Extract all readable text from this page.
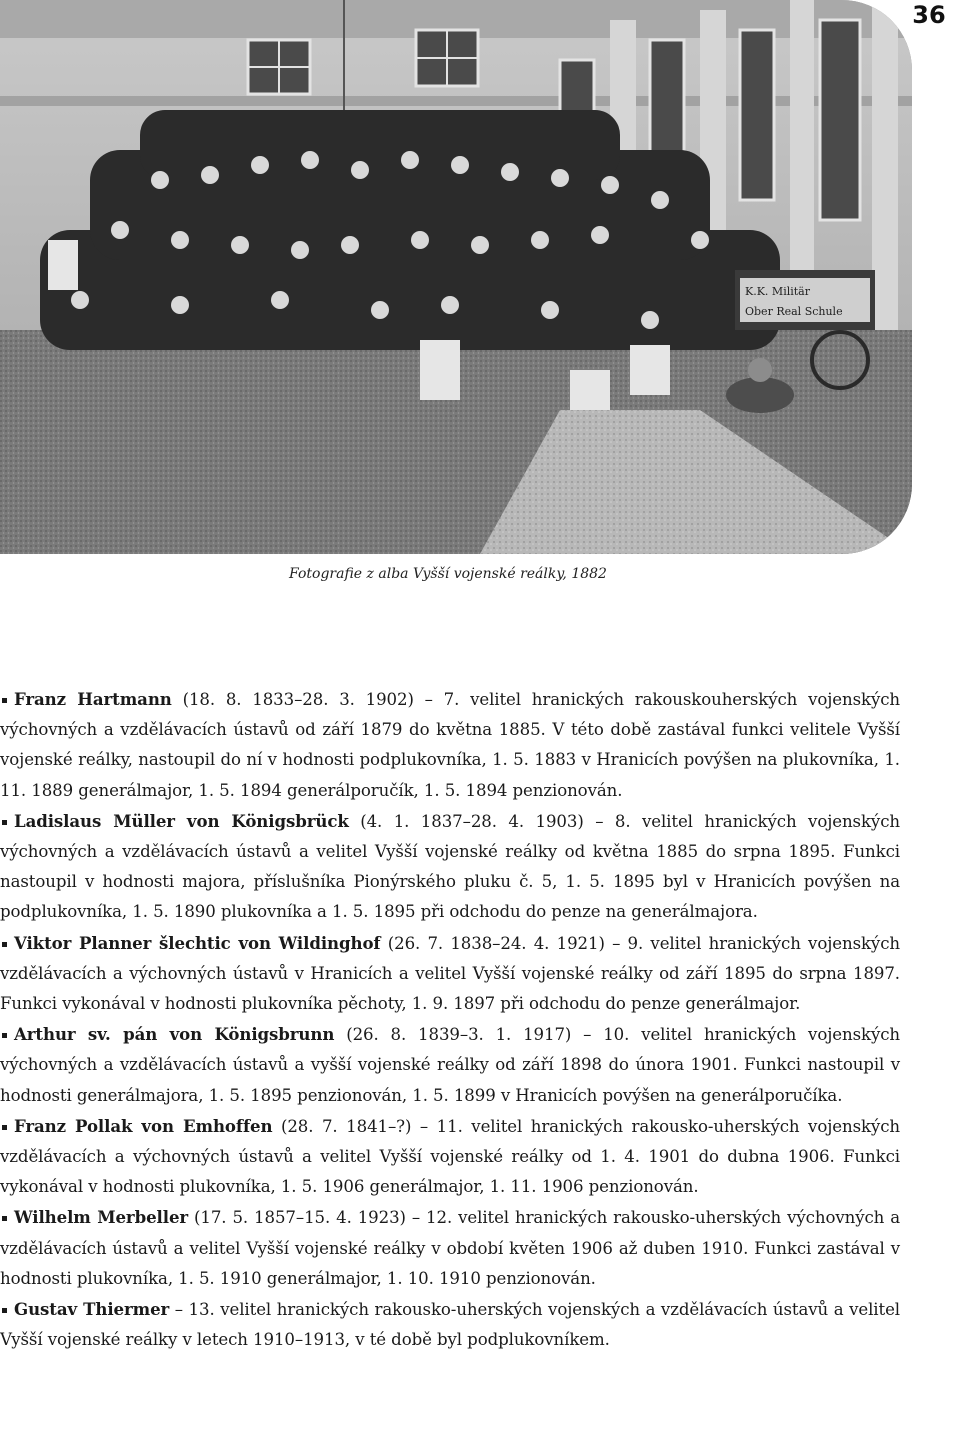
36
K.K. Militär
Ober Real Schule
Fotografie z alba Vyšší vojenské reálky, 1882

Franz Hartmann (18. 8. 1833–28. 3. 1902) – 7. velitel hranických rakouskouherských vojenských výchovných a vzdělávacích ústavů od září 1879 do května 1885. V této době zastával funkci velitele Vyšší vojenské reálky, nastoupil do ní v hodnosti podplukovníka, 1. 5. 1883 v Hranicích povýšen na plukovníka, 1. 11. 1889 generálmajor, 1. 5. 1894 generálporučík, 1. 5. 1894 penzionován.

Ladislaus Müller von Königsbrück (4. 1. 1837–28. 4. 1903) – 8. velitel hranických vojenských výchovných a vzdělávacích ústavů a velitel Vyšší vojenské reálky od května 1885 do srpna 1895. Funkci nastoupil v hodnosti majora, příslušníka Pionýrského pluku č. 5, 1. 5. 1895 byl v Hranicích povýšen na podplukovníka, 1. 5. 1890 plukovníka a 1. 5. 1895 při odchodu do penze na generálmajora.

Viktor Planner šlechtic von Wildinghof (26. 7. 1838–24. 4. 1921) – 9. velitel hranických vojenských vzdělávacích a výchovných ústavů v Hranicích a velitel Vyšší vojenské reálky od září 1895 do srpna 1897. Funkci vykonával v hodnosti plukovníka pěchoty, 1. 9. 1897 při odchodu do penze generálmajor.

Arthur sv. pán von Königsbrunn (26. 8. 1839–3. 1. 1917) – 10. velitel hranických vojenských výchovných a vzdělávacích ústavů a vyšší vojenské reálky od září 1898 do února 1901. Funkci nastoupil v hodnosti generálmajora, 1. 5. 1895 penzionován, 1. 5. 1899 v Hranicích povýšen na generálporučíka.

Franz Pollak von Emhoffen (28. 7. 1841–?) – 11. velitel hranických rakousko-uherských vojenských vzdělávacích a výchovných ústavů a velitel Vyšší vojenské reálky od 1. 4. 1901 do dubna 1906. Funkci vykonával v hodnosti plukovníka, 1. 5. 1906 generálmajor, 1. 11. 1906 penzionován.

Wilhelm Merbeller (17. 5. 1857–15. 4. 1923) – 12. velitel hranických rakousko-uherských výchovných a vzdělávacích ústavů a velitel Vyšší vojenské reálky v období květen 1906 až duben 1910. Funkci zastával v hodnosti plukovníka, 1. 5. 1910 generálmajor, 1. 10. 1910 penzionován.

Gustav Thiermer – 13. velitel hranických rakousko-uherských vojenských a vzdělávacích ústavů a velitel Vyšší vojenské reálky v letech 1910–1913, v té době byl podplukovníkem.
